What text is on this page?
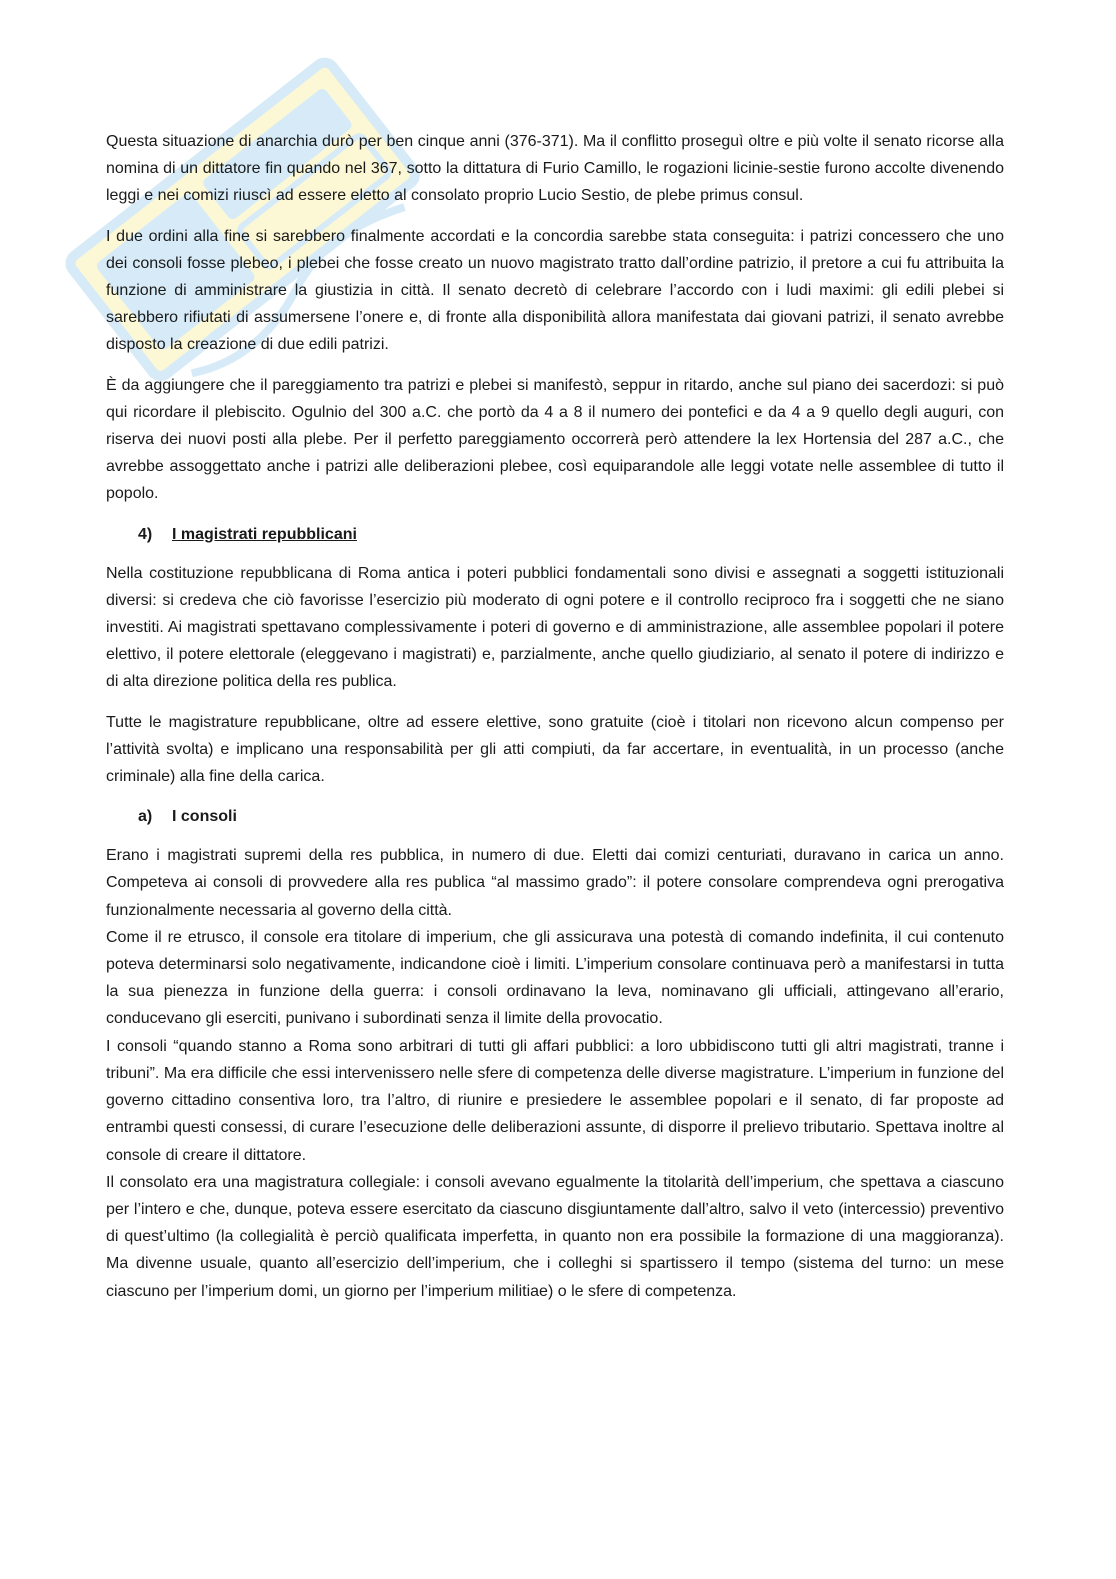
Questa situazione di anarchia durò per ben cinque anni (376-371). Ma il conflitto proseguì oltre e più volte il senato ricorse alla nomina di un dittatore fin quando nel 367, sotto la dittatura di Furio Camillo, le rogazioni licinie-sestie furono accolte divenendo leggi e nei comizi riuscì ad essere eletto al consolato proprio Lucio Sestio, de plebe primus consul.

I due ordini alla fine si sarebbero finalmente accordati e la concordia sarebbe stata conseguita: i patrizi concessero che uno dei consoli fosse plebeo, i plebei che fosse creato un nuovo magistrato tratto dall’ordine patrizio, il pretore a cui fu attribuita la funzione di amministrare la giustizia in città. Il senato decretò di celebrare l’accordo con i ludi maximi: gli edili plebei si sarebbero rifiutati di assumersene l’onere e, di fronte alla disponibilità allora manifestata dai giovani patrizi, il senato avrebbe disposto la creazione di due edili patrizi.

È da aggiungere che il pareggiamento tra patrizi e plebei si manifestò, seppur in ritardo, anche sul piano dei sacerdozi: si può qui ricordare il plebiscito. Ogulnio del 300 a.C. che portò da 4 a 8 il numero dei pontefici e da 4 a 9 quello degli auguri, con riserva dei nuovi posti alla plebe. Per il perfetto pareggiamento occorrerà però attendere la lex Hortensia del 287 a.C., che avrebbe assoggettato anche i patrizi alle deliberazioni plebee, così equiparandole alle leggi votate nelle assemblee di tutto il popolo.

4)	I magistrati repubblicani

Nella costituzione repubblicana di Roma antica i poteri pubblici fondamentali sono divisi e assegnati a soggetti istituzionali diversi: si credeva che ciò favorisse l’esercizio più moderato di ogni potere e il controllo reciproco fra i soggetti che ne siano investiti. Ai magistrati spettavano complessivamente i poteri di governo e di amministrazione, alle assemblee popolari il potere elettivo, il potere elettorale (eleggevano i magistrati) e, parzialmente, anche quello giudiziario, al senato il potere di indirizzo e di alta direzione politica della res publica.

Tutte le magistrature repubblicane, oltre ad essere elettive, sono gratuite (cioè i titolari non ricevono alcun compenso per l’attività svolta) e implicano una responsabilità per gli atti compiuti, da far accertare, in eventualità, in un processo (anche criminale) alla fine della carica.

a)	I consoli

Erano i magistrati supremi della res pubblica, in numero di due. Eletti dai comizi centuriati, duravano in carica un anno. Competeva ai consoli di provvedere alla res publica “al massimo grado”: il potere consolare comprendeva ogni prerogativa funzionalmente necessaria al governo della città.

Come il re etrusco, il console era titolare di imperium, che gli assicurava una potestà di comando indefinita, il cui contenuto poteva determinarsi solo negativamente, indicandone cioè i limiti. L’imperium consolare continuava però a manifestarsi in tutta la sua pienezza in funzione della guerra: i consoli ordinavano la leva, nominavano gli ufficiali, attingevano all’erario, conducevano gli eserciti, punivano i subordinati senza il limite della provocatio.

I consoli “quando stanno a Roma sono arbitrari di tutti gli affari pubblici: a loro ubbidiscono tutti gli altri magistrati, tranne i tribuni”. Ma era difficile che essi intervenissero nelle sfere di competenza delle diverse magistrature. L’imperium in funzione del governo cittadino consentiva loro, tra l’altro, di riunire e presiedere le assemblee popolari e il senato, di far proposte ad entrambi questi consessi, di curare l’esecuzione delle deliberazioni assunte, di disporre il prelievo tributario. Spettava inoltre al console di creare il dittatore.

Il consolato era una magistratura collegiale: i consoli avevano egualmente la titolarità dell’imperium, che spettava a ciascuno per l’intero e che, dunque, poteva essere esercitato da ciascuno disgiuntamente dall’altro, salvo il veto (intercessio) preventivo di quest’ultimo (la collegialità è perciò qualificata imperfetta, in quanto non era possibile la formazione di una maggioranza). Ma divenne usuale, quanto all’esercizio dell’imperium, che i colleghi si spartissero il tempo (sistema del turno: un mese ciascuno per l’imperium domi, un giorno per l’imperium militiae) o le sfere di competenza.
